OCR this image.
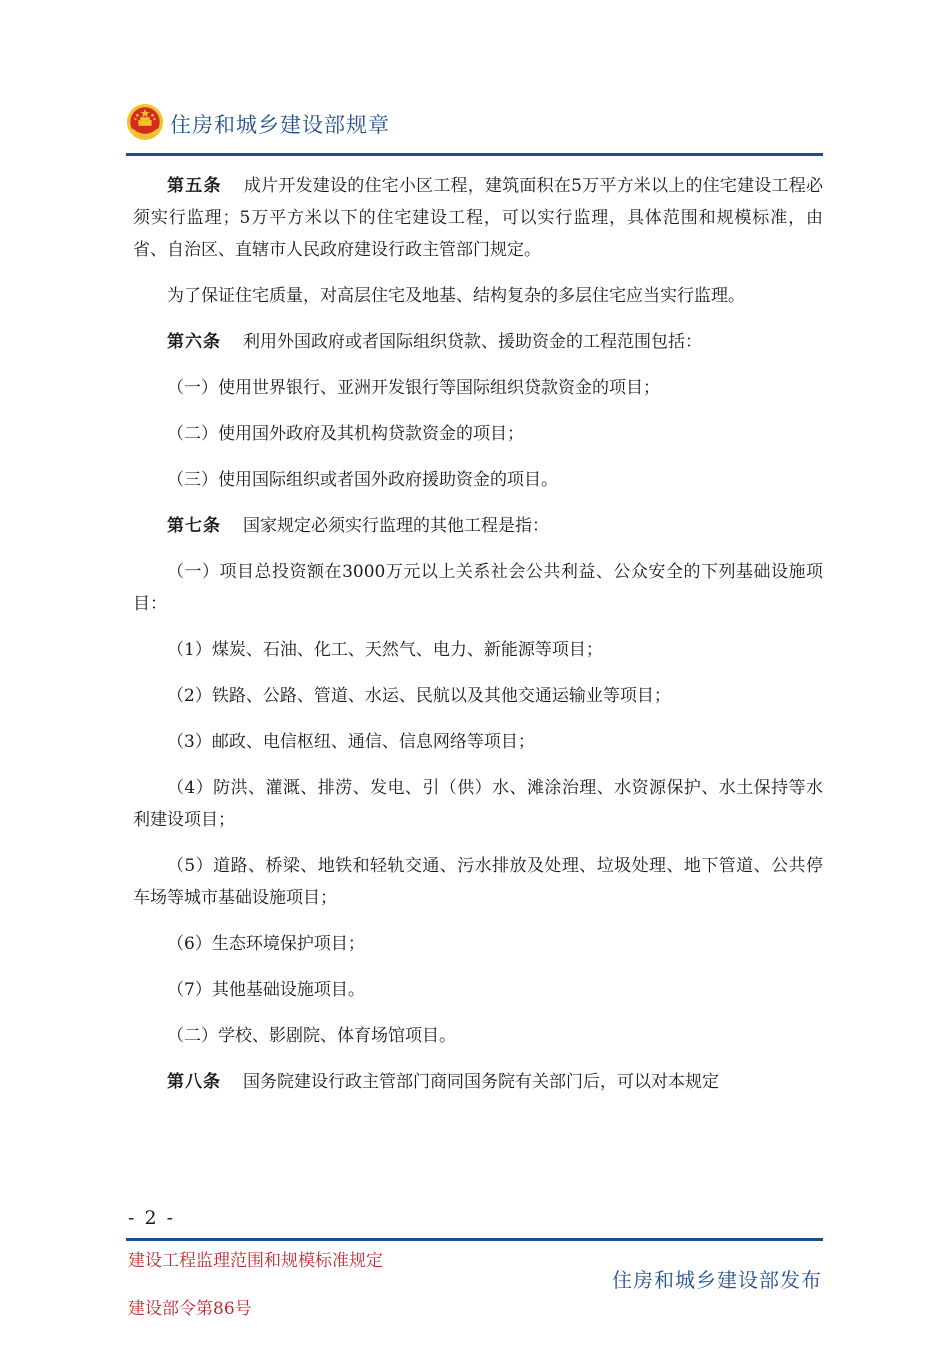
住房和城乡建设部规章

第五条 成片开发建设的住宅小区工程，建筑面积在5万平方米以上的住宅建设工程必须实行监理；5万平方米以下的住宅建设工程，可以实行监理，具体范围和规模标准，由省、自治区、直辖市人民政府建设行政主管部门规定。

为了保证住宅质量，对高层住宅及地基、结构复杂的多层住宅应当实行监理。

第六条 利用外国政府或者国际组织贷款、援助资金的工程范围包括：

（一）使用世界银行、亚洲开发银行等国际组织贷款资金的项目；

（二）使用国外政府及其机构贷款资金的项目；

（三）使用国际组织或者国外政府援助资金的项目。

第七条 国家规定必须实行监理的其他工程是指：

（一）项目总投资额在3000万元以上关系社会公共利益、公众安全的下列基础设施项目：

（1）煤炭、石油、化工、天然气、电力、新能源等项目；

（2）铁路、公路、管道、水运、民航以及其他交通运输业等项目；

（3）邮政、电信枢纽、通信、信息网络等项目；

（4）防洪、灌溉、排涝、发电、引（供）水、滩涂治理、水资源保护、水土保持等水利建设项目；

（5）道路、桥梁、地铁和轻轨交通、污水排放及处理、垃圾处理、地下管道、公共停车场等城市基础设施项目；

（6）生态环境保护项目；

（7）其他基础设施项目。

（二）学校、影剧院、体育场馆项目。

第八条 国务院建设行政主管部门商同国务院有关部门后，可以对本规定

- 2 -
建设工程监理范围和规模标准规定
建设部令第86号
住房和城乡建设部发布
